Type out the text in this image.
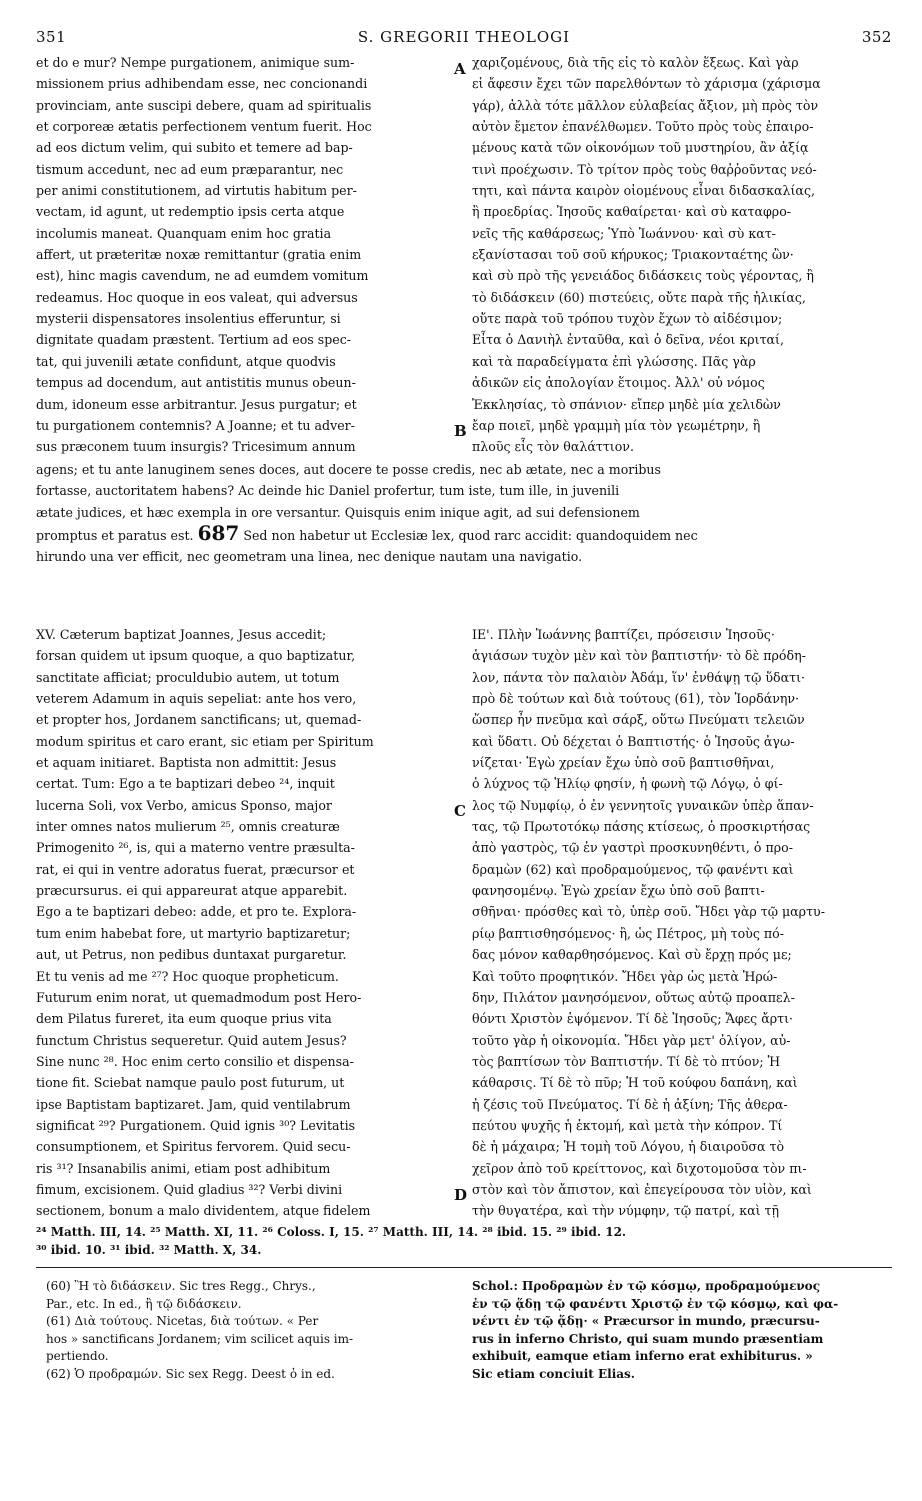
351	S. GREGORII THEOLOGI	352
et do e mur? Nempe purgationem, animique sum-
missionem prius adhibendam esse, nec concionandi
provinciam, ante suscipi debere, quam ad spiritualis
et corporeæ ætatis perfectionem ventum fuerit. Hoc
ad eos dictum velim, qui subito et temere ad bap-
tismum accedunt, nec ad eum præparantur, nec
per animi constitutionem, ad virtutis habitum per-
vectam, id agunt, ut redemptio ipsis certa atque
incolumis maneat. Quanquam enim hoc gratia
affert, ut præteritæ noxæ remittantur (gratia enim
est), hinc magis cavendum, ne ad eumdem vomitum
redeamus. Hoc quoque in eos valeat, qui adversus
mysterii dispensatores insolentius efferuntur, si
dignitate quadam præstent. Tertium ad eos spec-
tat, qui juvenili ætate confidunt, atque quodvis
tempus ad docendum, aut antistitis munus obeun-
dum, idoneum esse arbitrantur. Jesus purgatur; et
tu purgationem contemnis? A Joanne; et tu adver-
sus præconem tuum insurgis? Tricesimum annum
χαριζομένους, διὰ τῆς εἰς τὸ καλὸν ἕξεως. Καὶ γὰρ
εἰ ἄφεσιν ἔχει τῶν παρελθόντων τὸ χάρισμα (χάρισμα
γάρ), ἀλλὰ τότε μᾶλλον εὐλαβείας ἄξιον, μὴ πρὸς τὸν
αὐτὸν ἔμετον ἐπανέλθωμεν. Τοῦτο πρὸς τοὺς ἐπαιρο-
μένους κατὰ τῶν οἰκονόμων τοῦ μυστηρίου, ἂν ἀξίᾳ
τινὶ προέχωσιν. Τὸ τρίτον πρὸς τοὺς θαῤῥοῦντας νεό-
τητι, καὶ πάντα καιρὸν οἰομένους εἶναι διδασκαλίας,
ἢ προεδρίας. Ἰησοῦς καθαίρεται· καὶ σὺ καταφρο-
νεῖς τῆς καθάρσεως; Ὑπὸ Ἰωάννου· καὶ σὺ κατ-
εξανίστασαι τοῦ σοῦ κήρυκος; Τριακονταέτης ὢν·
καὶ σὺ πρὸ τῆς γενειάδος διδάσκεις τοὺς γέροντας, ἢ
τὸ διδάσκειν (60) πιστεύεις, οὔτε παρὰ τῆς ἡλικίας,
οὔτε παρὰ τοῦ τρόπου τυχὸν ἔχων τὸ αἰδέσιμον;
Εἶτα ὁ Δανιὴλ ἐνταῦθα, καὶ ὁ δεῖνα, νέοι κριταί,
καὶ τὰ παραδείγματα ἐπὶ γλώσσης. Πᾶς γὰρ
ἀδικῶν εἰς ἀπολογίαν ἕτοιμος. Ἀλλ' οὐ νόμος
Ἐκκλησίας, τὸ σπάνιον· εἴπερ μηδὲ μία χελιδὼν
ἔαρ ποιεῖ, μηδὲ γραμμὴ μία τὸν γεωμέτρην, ἢ
πλοῦς εἷς τὸν θαλάττιον.
A
B
C
D
agens; et tu ante lanuginem senes doces, aut docere te posse credis, nec ab ætate, nec a moribus
fortasse, auctoritatem habens? Ac deinde hic Daniel profertur, tum iste, tum ille, in juvenili
ætate judices, et hæc exempla in ore versantur. Quisquis enim inique agit, ad sui defensionem
promptus et paratus est. 687 Sed non habetur ut Ecclesiæ lex, quod rarc accidit: quandoquidem nec
hirundo una ver efficit, nec geometram una linea, nec denique nautam una navigatio.
XV. Cæterum baptizat Joannes, Jesus accedit;
forsan quidem ut ipsum quoque, a quo baptizatur,
sanctitate afficiat; proculdubio autem, ut totum
veterem Adamum in aquis sepeliat: ante hos vero,
et propter hos, Jordanem sanctificans; ut, quemad-
modum spiritus et caro erant, sic etiam per Spiritum
et aquam initiaret. Baptista non admittit: Jesus
certat. Tum: Ego a te baptizari debeo ²⁴, inquit
lucerna Soli, vox Verbo, amicus Sponso, major
inter omnes natos mulierum ²⁵, omnis creaturæ
Primogenito ²⁶, is, qui a materno ventre præsulta-
rat, ei qui in ventre adoratus fuerat, præcursor et
præcursurus. ei qui appareurat atque apparebit.
Ego a te baptizari debeo: adde, et pro te. Explora-
tum enim habebat fore, ut martyrio baptizaretur;
aut, ut Petrus, non pedibus duntaxat purgaretur.
Et tu venis ad me ²⁷? Hoc quoque propheticum.
Futurum enim norat, ut quemadmodum post Hero-
dem Pilatus fureret, ita eum quoque prius vita
functum Christus sequeretur. Quid autem Jesus?
Sine nunc ²⁸. Hoc enim certo consilio et dispensa-
tione fit. Sciebat namque paulo post futurum, ut
ipse Baptistam baptizaret. Jam, quid ventilabrum
significat ²⁹? Purgationem. Quid ignis ³⁰? Levitatis
consumptionem, et Spiritus fervorem. Quid secu-
ris ³¹? Insanabilis animi, etiam post adhibitum
fimum, excisionem. Quid gladius ³²? Verbi divini
sectionem, bonum a malo dividentem, atque fidelem
ΙΕ'. Πλὴν Ἰωάννης βαπτίζει, πρόσεισιν Ἰησοῦς·
ἁγιάσων τυχὸν μὲν καὶ τὸν βαπτιστήν· τὸ δὲ πρόδη-
λον, πάντα τὸν παλαιὸν Ἀδάμ, ἵν' ἐνθάψῃ τῷ ὕδατι·
πρὸ δὲ τούτων καὶ διὰ τούτους (61), τὸν Ἰορδάνην·
ὥσπερ ἦν πνεῦμα καὶ σάρξ, οὕτω Πνεύματι τελειῶν
καὶ ὕδατι. Οὐ δέχεται ὁ Βαπτιστής· ὁ Ἰησοῦς ἀγω-
νίζεται· Ἐγὼ χρείαν ἔχω ὑπὸ σοῦ βαπτισθῆναι,
ὁ λύχνος τῷ Ἡλίῳ φησίν, ἡ φωνὴ τῷ Λόγῳ, ὁ φί-
λος τῷ Νυμφίῳ, ὁ ἐν γεννητοῖς γυναικῶν ὑπὲρ ἅπαν-
τας, τῷ Πρωτοτόκῳ πάσης κτίσεως, ὁ προσκιρτήσας
ἀπὸ γαστρὸς, τῷ ἐν γαστρὶ προσκυνηθέντι, ὁ προ-
δραμὼν (62) καὶ προδραμούμενος, τῷ φανέντι καὶ
φανησομένῳ. Ἐγὼ χρείαν ἔχω ὑπὸ σοῦ βαπτι-
σθῆναι· πρόσθες καὶ τὸ, ὑπὲρ σοῦ. Ἤδει γὰρ τῷ μαρτυ-
ρίῳ βαπτισθησόμενος· ἢ, ὡς Πέτρος, μὴ τοὺς πό-
δας μόνον καθαρθησόμενος. Καὶ σὺ ἔρχῃ πρός με;
Καὶ τοῦτο προφητικόν. Ἤδει γὰρ ὡς μετὰ Ἡρώ-
δην, Πιλάτον μανησόμενον, οὕτως αὐτῷ προαπελ-
θόντι Χριστὸν ἑψόμενον. Τί δὲ Ἰησοῦς; Ἄφες ἄρτι·
τοῦτο γὰρ ἡ οἰκονομία. Ἤδει γὰρ μετ' ὀλίγον, αὐ-
τὸς βαπτίσων τὸν Βαπτιστήν. Τί δὲ τὸ πτύον; Ἡ
κάθαρσις. Τί δὲ τὸ πῦρ; Ἡ τοῦ κούφου δαπάνη, καὶ
ἡ ζέσις τοῦ Πνεύματος. Τί δὲ ἡ ἀξίνη; Τῆς ἀθερα-
πεύτου ψυχῆς ἡ ἐκτομή, καὶ μετὰ τὴν κόπρον. Τί
δὲ ἡ μάχαιρα; Ἡ τομὴ τοῦ Λόγου, ἡ διαιροῦσα τὸ
χεῖρον ἀπὸ τοῦ κρείττονος, καὶ διχοτομοῦσα τὸν πι-
στὸν καὶ τὸν ἄπιστον, καὶ ἐπεγείρουσα τὸν υἱὸν, καὶ
τὴν θυγατέρα, καὶ τὴν νύμφην, τῷ πατρί, καὶ τῇ
²⁴ Matth. III, 14. ²⁵ Matth. XI, 11. ²⁶ Coloss. I, 15. ²⁷ Matth. III, 14. ²⁸ ibid. 15. ²⁹ ibid. 12.
³⁰ ibid. 10. ³¹ ibid. ³² Matth. X, 34.

(60) Ἢ τὸ διδάσκειν. Sic tres Regg., Chrys.,

Par., etc. In ed., ἢ τῷ διδάσκειν.

(61) Διὰ τούτους. Nicetas, διὰ τούτων. « Per

hos » sanctificans Jordanem; vim scilicet aquis im-

pertiendo.

(62) Ὁ προδραμών. Sic sex Regg. Deest ὁ in ed.

Schol.: Προδραμὼν ἐν τῷ κόσμῳ, προδραμούμενος

ἐν τῷ ᾅδῃ τῷ φανέντι Χριστῷ ἐν τῷ κόσμῳ, καὶ φα-

νέντι ἐν τῷ ᾅδῃ· « Præcursor in mundo, præcursu-

rus in inferno Christo, qui suam mundo præsentiam

exhibuit, eamque etiam inferno erat exhibiturus. »

Sic etiam conciuit Elias.
